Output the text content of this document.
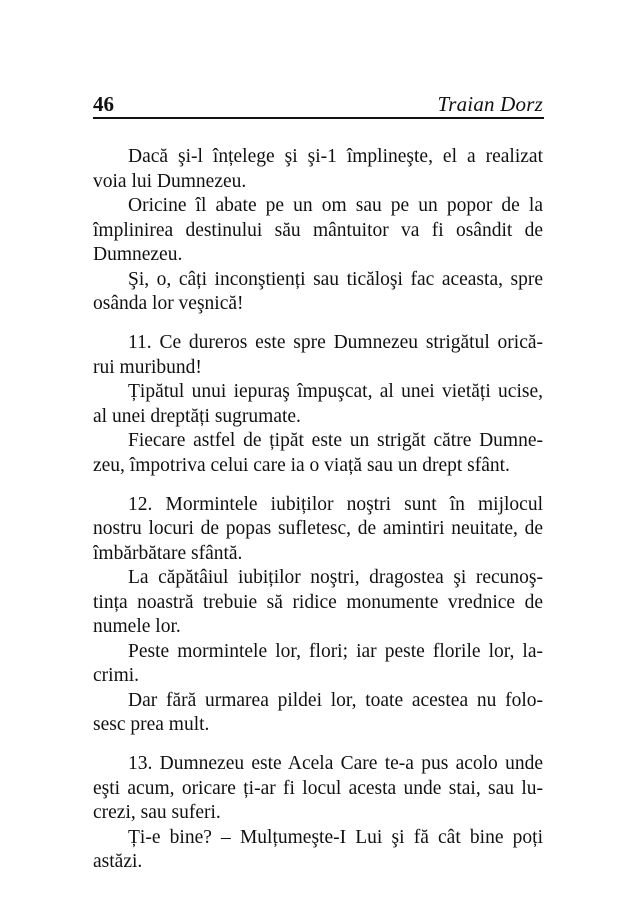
46	Traian Dorz
Dacă şi-l înțelege şi şi-1 împlineşte, el a realizat
voia lui Dumnezeu.
Oricine îl abate pe un om sau pe un popor de la
împlinirea destinului său mântuitor va fi osândit de
Dumnezeu.
Şi, o, câți inconştienți sau ticăloşi fac aceasta, spre
osânda lor veşnică!
11. Ce dureros este spre Dumnezeu strigătul orică-
rui muribund!
Țipătul unui iepuraş împuşcat, al unei vietăți ucise,
al unei dreptăți sugrumate.
Fiecare astfel de țipăt este un strigăt către Dumne-
zeu, împotriva celui care ia o viață sau un drept sfânt.
12. Mormintele iubiților noştri sunt în mijlocul
nostru locuri de popas sufletesc, de amintiri neuitate, de
îmbărbătare sfântă.
La căpătâiul iubiților noştri, dragostea şi recunoş-
tința noastră trebuie să ridice monumente vrednice de
numele lor.
Peste mormintele lor, flori; iar peste florile lor, la-
crimi.
Dar fără urmarea pildei lor, toate acestea nu folo-
sesc prea mult.
13. Dumnezeu este Acela Care te-a pus acolo unde
eşti acum, oricare ți-ar fi locul acesta unde stai, sau lu-
crezi, sau suferi.
Ți-e bine? – Mulțumeşte-I Lui şi fă cât bine poți
astăzi.
